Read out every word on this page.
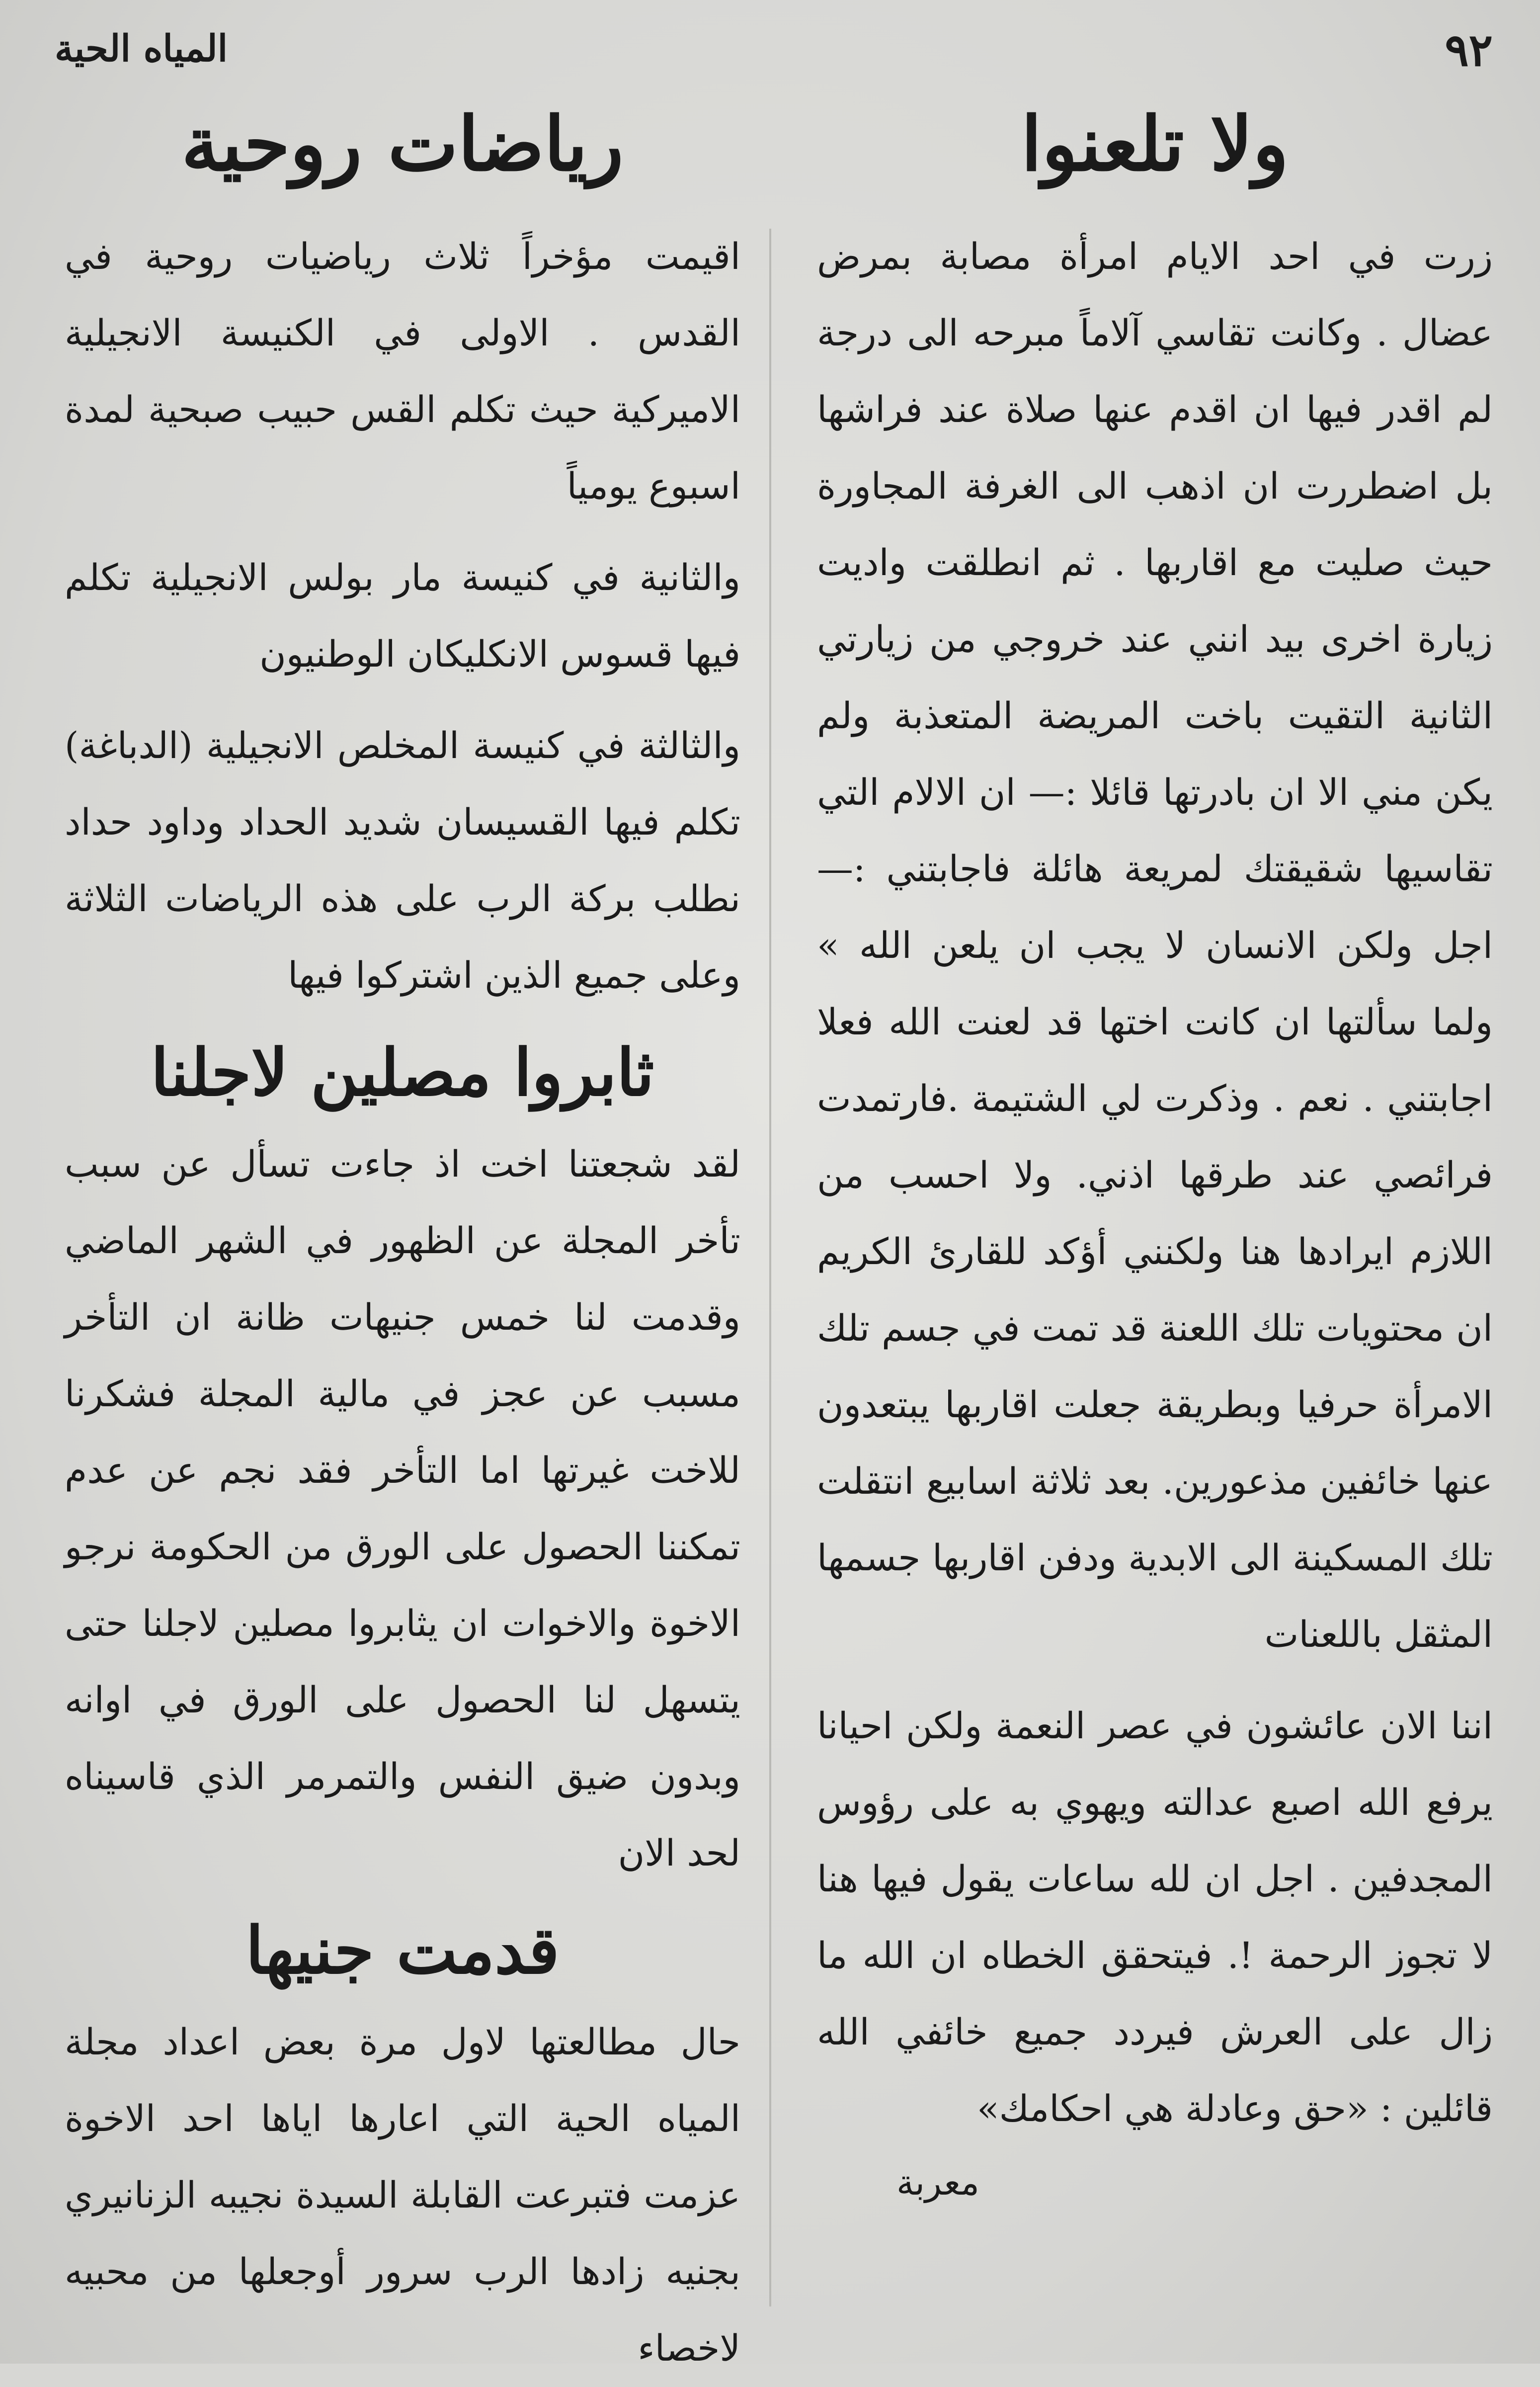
المياه الحية	٩٢
ولا تلعنوا

زرت في احد الايام امرأة مصابة بمرض عضال . وكانت تقاسي آلاماً مبرحه الى درجة لم اقدر فيها ان اقدم عنها صلاة عند فراشها بل اضطررت ان اذهب الى الغرفة المجاورة حيث صليت مع اقاربها . ثم انطلقت واديت زيارة اخرى بيد انني عند خروجي من زيارتي الثانية التقيت باخت المريضة المتعذبة ولم يكن مني الا ان بادرتها قائلا :— ان الالام التي تقاسيها شقيقتك لمريعة هائلة فاجابتني :—اجل ولكن الانسان لا يجب ان يلعن الله » ولما سألتها ان كانت اختها قد لعنت الله فعلا اجابتني . نعم . وذكرت لي الشتيمة .فارتمدت فرائصي عند طرقها اذني. ولا احسب من اللازم ايرادها هنا ولكنني أؤكد للقارئ الكريم ان محتويات تلك اللعنة قد تمت في جسم تلك الامرأة حرفيا وبطريقة جعلت اقاربها يبتعدون عنها خائفين مذعورين. بعد ثلاثة اسابيع انتقلت تلك المسكينة الى الابدية ودفن اقاربها جسمها المثقل باللعنات

اننا الان عائشون في عصر النعمة ولكن احيانا يرفع الله اصبع عدالته ويهوي به على رؤوس المجدفين . اجل ان لله ساعات يقول فيها هنا لا تجوز الرحمة !. فيتحقق الخطاه ان الله ما زال على العرش فيردد جميع خائفي الله قائلين : «حق وعادلة هي احكامك»

معربة
رياضات روحية

اقيمت مؤخراً ثلاث رياضيات روحية في القدس . الاولى في الكنيسة الانجيلية الاميركية حيث تكلم القس حبيب صبحية لمدة اسبوع يومياً

والثانية في كنيسة مار بولس الانجيلية تكلم فيها قسوس الانكليكان الوطنيون

والثالثة في كنيسة المخلص الانجيلية (الدباغة) تكلم فيها القسيسان شديد الحداد وداود حداد نطلب بركة الرب على هذه الرياضات الثلاثة وعلى جميع الذين اشتركوا فيها

ثابروا مصلين لاجلنا

لقد شجعتنا اخت اذ جاءت تسأل عن سبب تأخر المجلة عن الظهور في الشهر الماضي وقدمت لنا خمس جنيهات ظانة ان التأخر مسبب عن عجز في مالية المجلة فشكرنا للاخت غيرتها اما التأخر فقد نجم عن عدم تمكننا الحصول على الورق من الحكومة نرجو الاخوة والاخوات ان يثابروا مصلين لاجلنا حتى يتسهل لنا الحصول على الورق في اوانه وبدون ضيق النفس والتمرمر الذي قاسيناه لحد الان

قدمت جنيها

حال مطالعتها لاول مرة بعض اعداد مجلة المياه الحية التي اعارها اياها احد الاخوة عزمت فتبرعت القابلة السيدة نجيبه الزنانيري بجنيه زادها الرب سرور أوجعلها من محبيه لاخصاء
